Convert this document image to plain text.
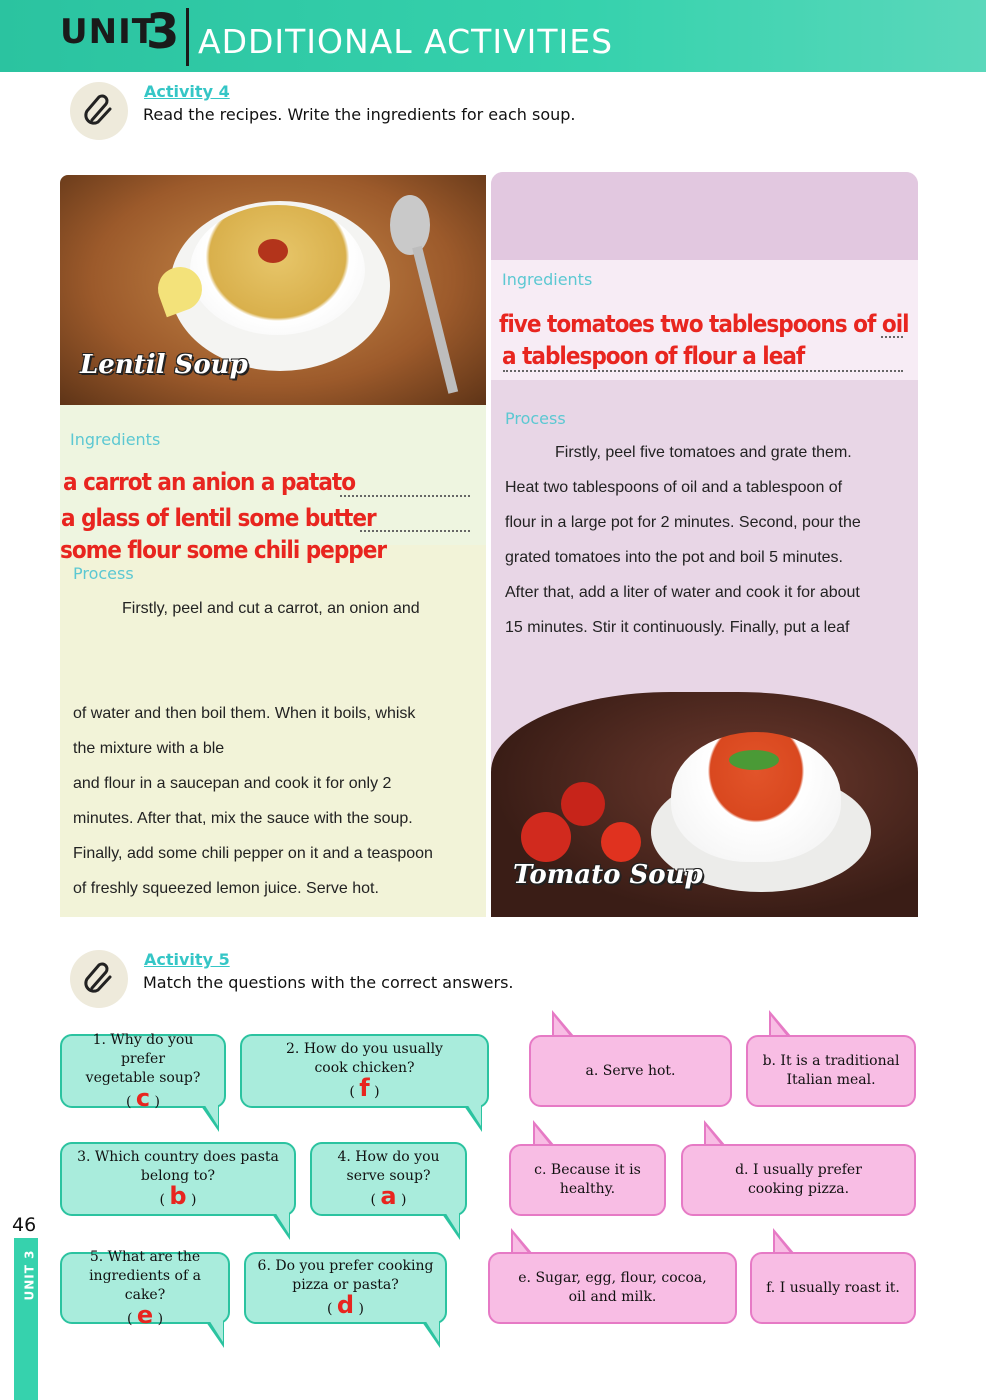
UNIT
3 ADDITIONAL ACTIVITIES
Activity 4
Read the recipes. Write the ingredients for each soup.
Lentil Soup
Ingredients
a carrot an anion a patato
a glass of lentil some butter
some flour some chili pepper
Process
Firstly, peel and cut a carrot, an onion and

of water and then boil them. When it boils, whisk
the mixture with a ble
and flour in a saucepan and cook it for only 2
minutes. After that, mix the sauce with the soup.
Finally, add some chili pepper on it and a teaspoon
of freshly squeezed lemon juice. Serve hot.
Ingredients
five tomatoes two tablespoons of oil
a tablespoon of flour a leaf
Process
Firstly, peel five tomatoes and grate them.
Heat two tablespoons of oil and a tablespoon of
flour in a large pot for 2 minutes. Second, pour the
grated tomatoes into the pot and boil 5 minutes.
After that, add a liter of water and cook it for about
15 minutes. Stir it continuously. Finally, put a leaf

Tomato Soup
Activity 5
Match the questions with the correct answers.
1. Why do you prefer
vegetable soup?
( c )
2. How do you usually
cook chicken?
( f )
3. Which country does pasta
belong to?
( b )
4. How do you
serve soup?
( a )
5. What are the
ingredients of a cake?
( e )
6. Do you prefer cooking
pizza or pasta?
( d )
a. Serve hot.
b. It is a traditional
Italian meal.
c. Because it is
healthy.
d. I usually prefer
cooking pizza.
e. Sugar, egg, flour, cocoa,
oil and milk.
f. I usually roast it.
46
UNIT 3
